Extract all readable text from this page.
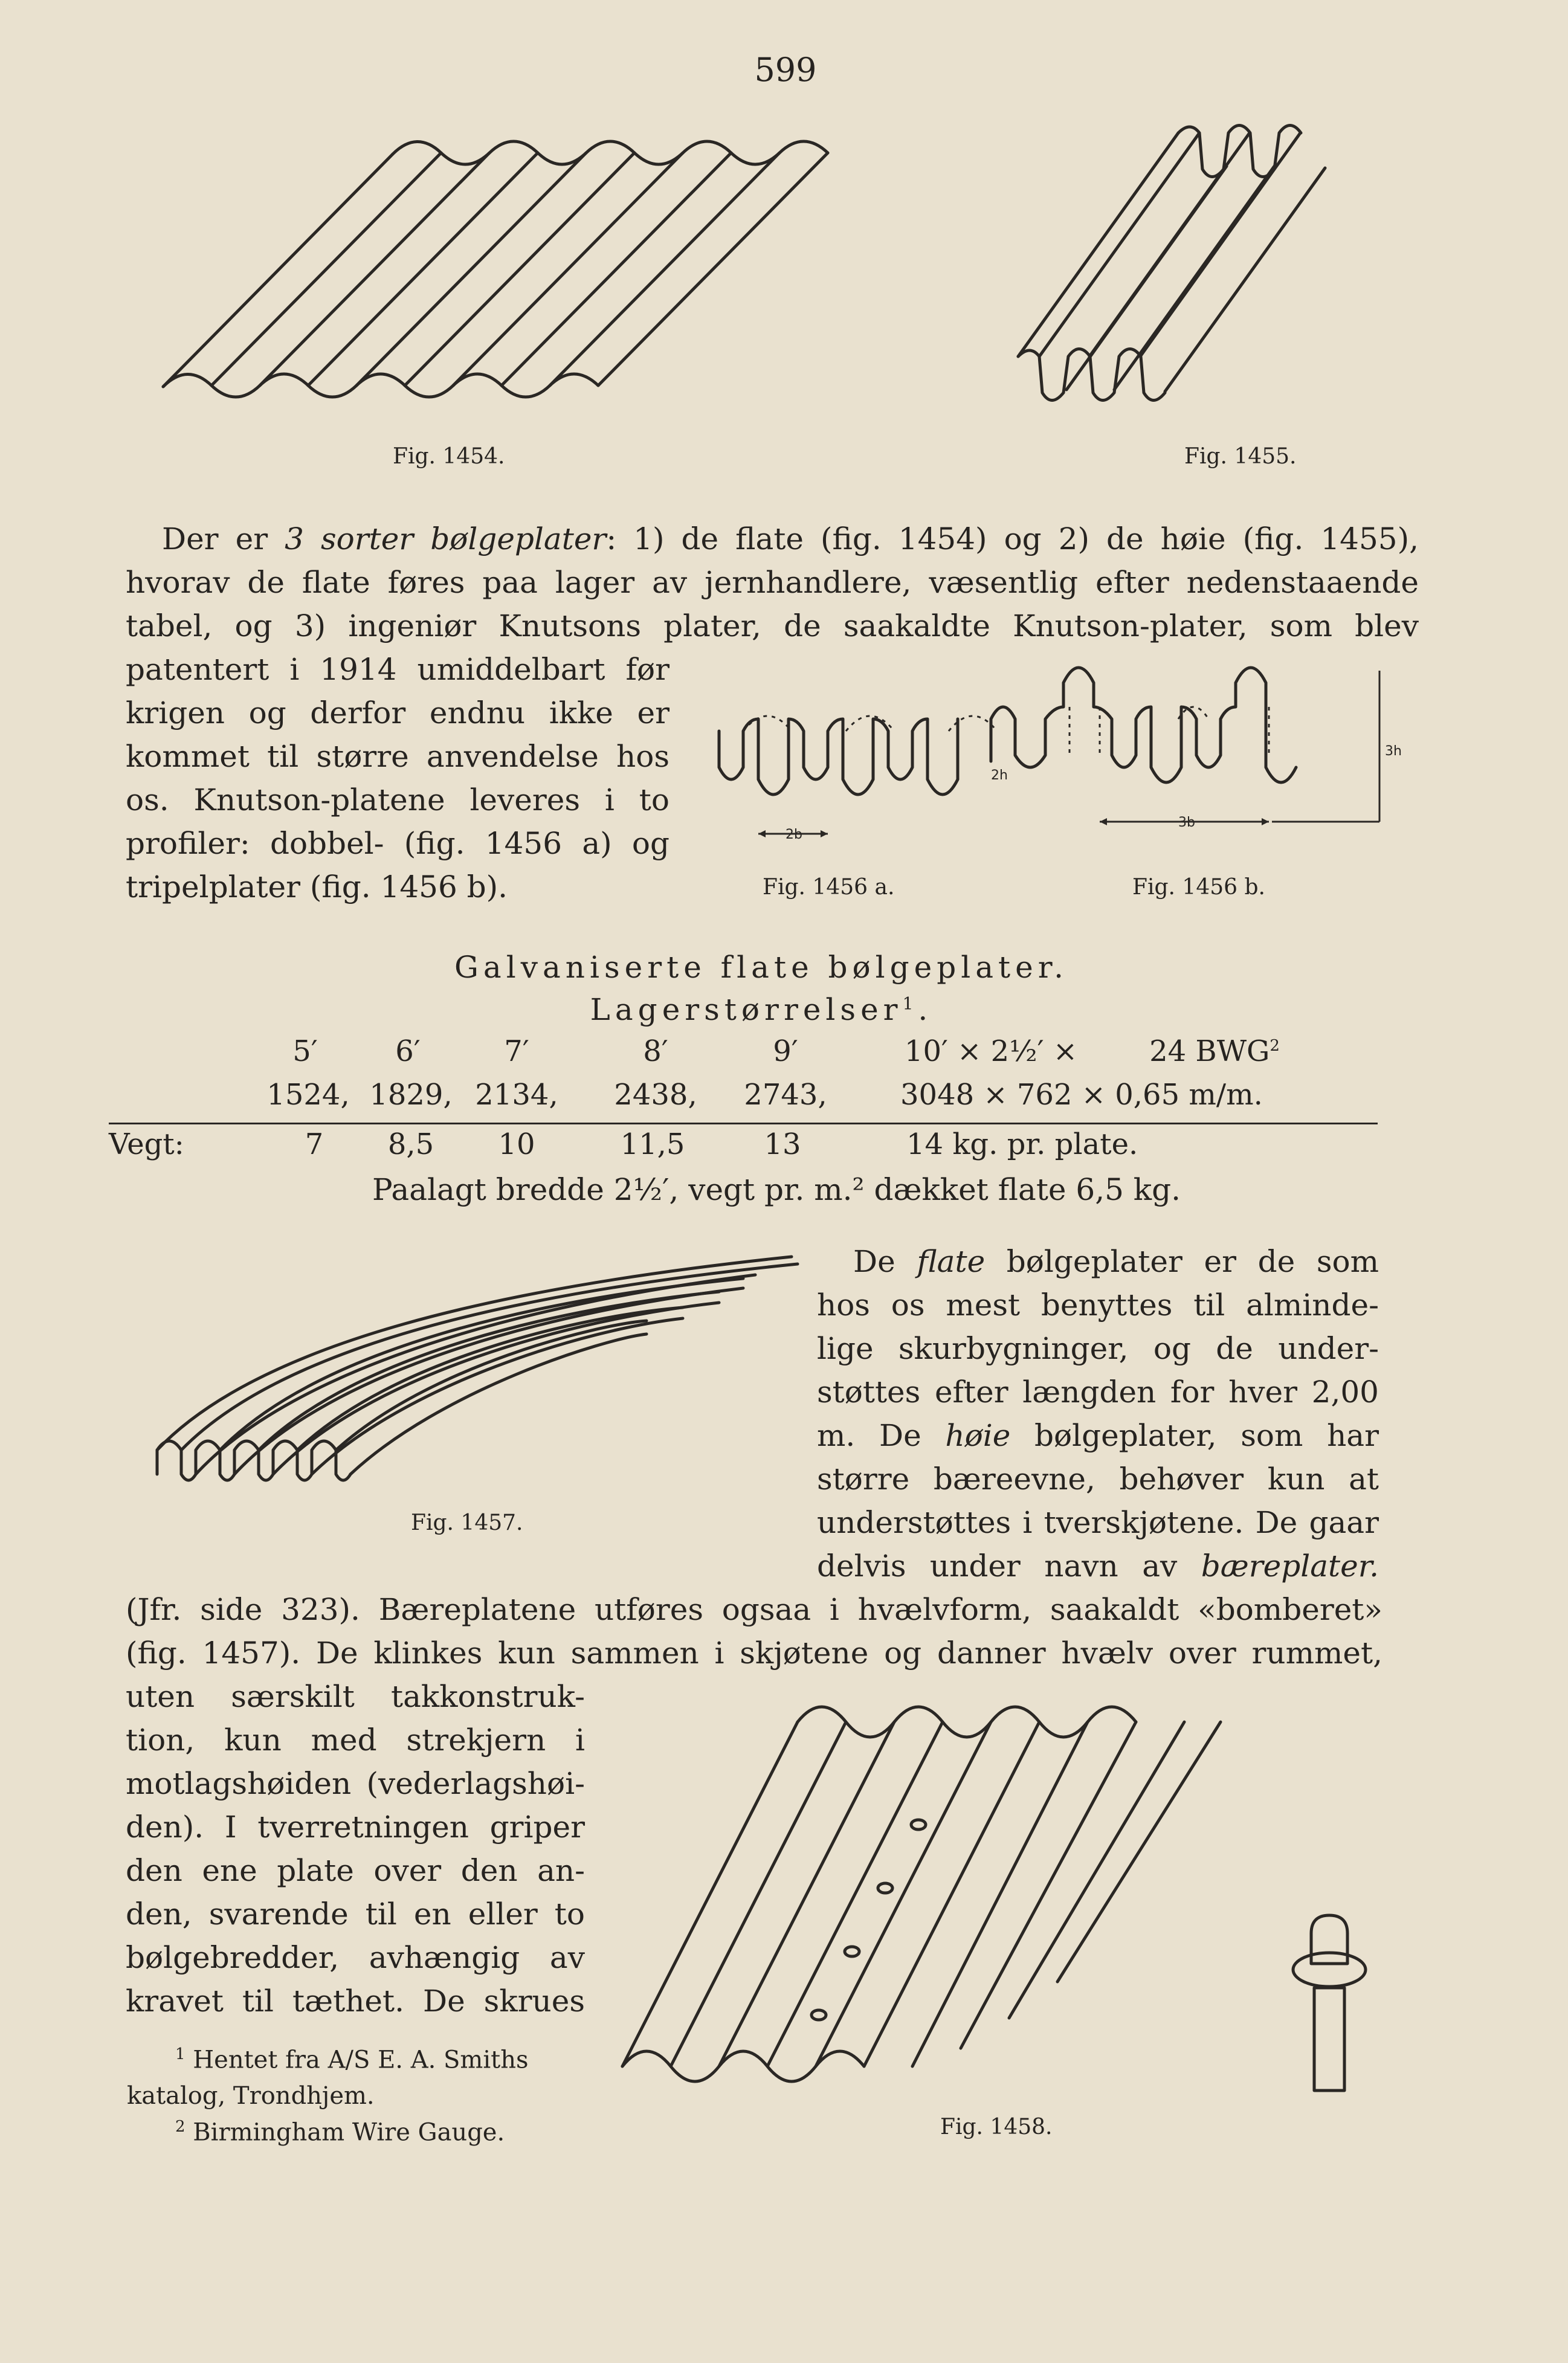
599
Fig. 1454.	Fig. 1455.
Der er 3 sorter bølgeplater: 1) de flate (fig. 1454) og 2) de høie (fig. 1455),
hvorav de flate føres paa lager av jernhandlere, væsentlig efter nedenstaaende
tabel, og 3) ingeniør Knutsons plater, de saakaldte Knutson-plater, som blev
patentert i 1914 umiddelbart før
krigen og derfor endnu ikke er
kommet til større anvendelse hos
os. Knutson-platene leveres i to
profiler: dobbel- (fig. 1456 a) og
tripelplater (fig. 1456 b).
2b
Fig. 1456 a.
3b
2h
3h
Fig. 1456 b.
Galvaniserte flate bølgeplater.
Lagerstørrelser$^1$.
5′	6′	7′	8′	9′	10′ × 2½′ ×	24 BWG$^2$
1524, 1829, 2134, 2438, 2743,	3048 × 762 × 0,65 m/m.
Vegt:	7	8,5	10	11,5	13	14 kg. pr. plate.
Paalagt bredde 2½′, vegt pr. m.² dækket flate 6,5 kg.
Fig. 1457.
De flate bølgeplater er de som
hos os mest benyttes til alminde-
lige skurbygninger, og de under-
støttes efter længden for hver 2,00
m. De høie bølgeplater, som har
større bæreevne, behøver kun at
understøttes i tverskjøtene. De gaar
delvis under navn av bæreplater.
(Jfr. side 323). Bæreplatene utføres ogsaa i hvælvform, saakaldt «bomberet»
(fig. 1457). De klinkes kun sammen i skjøtene og danner hvælv over rummet,
uten særskilt takkonstruk-
tion, kun med strekjern i
motlagshøiden (vederlagshøi-
den). I tverretningen griper
den ene plate over den an-
den, svarende til en eller to
bølgebredder, avhængig av
kravet til tæthet. De skrues
$^1$ Hentet fra A/S E. A. Smiths
katalog, Trondhjem.
$^2$ Birmingham Wire Gauge.	Fig. 1458.
